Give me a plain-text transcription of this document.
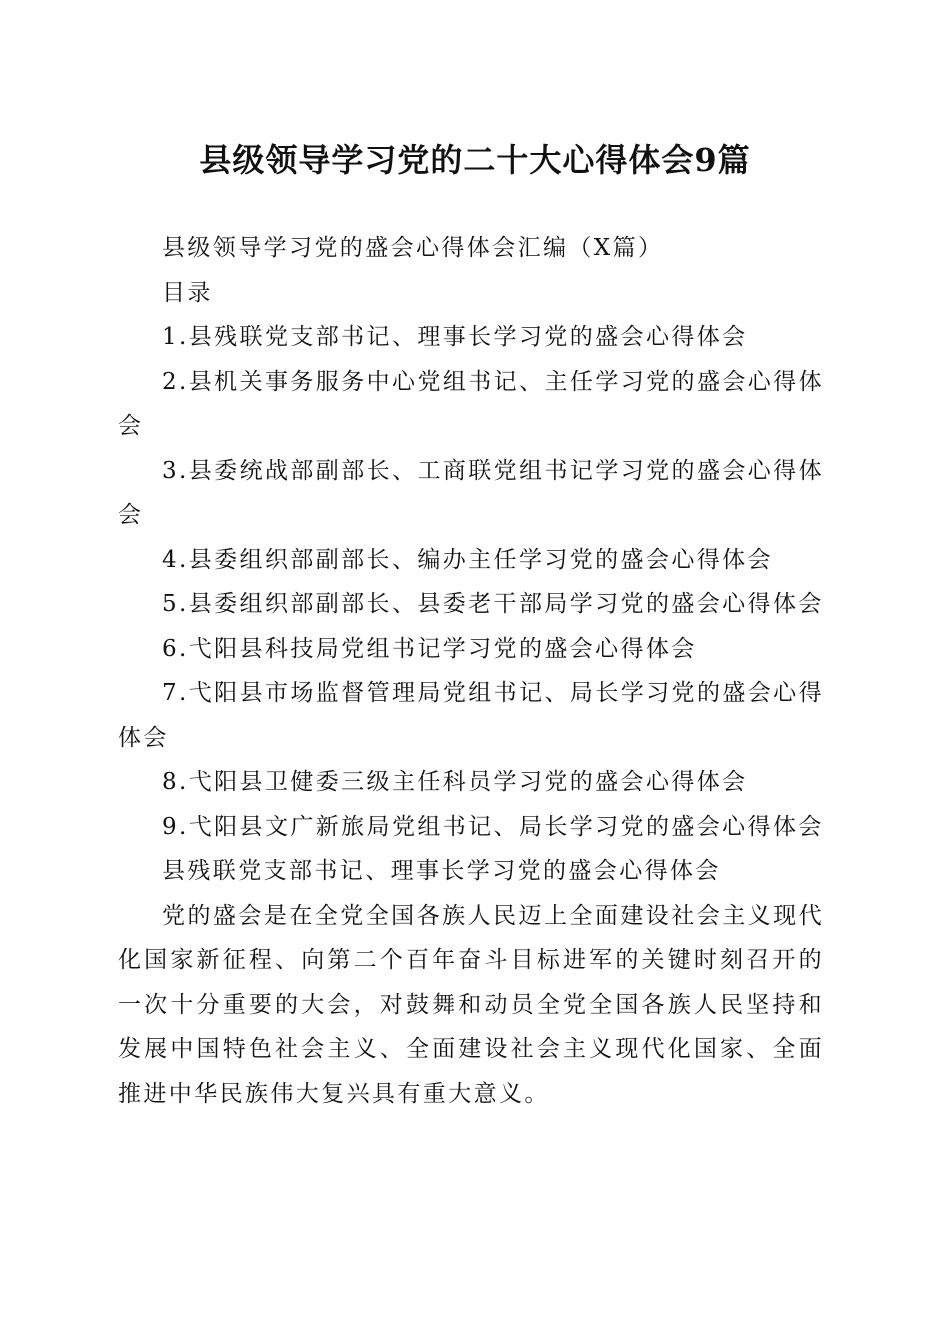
县级领导学习党的二十大心得体会9篇

县级领导学习党的盛会心得体会汇编（X篇）

目录

1.县残联党支部书记、理事长学习党的盛会心得体会

2.县机关事务服务中心党组书记、主任学习党的盛会心得体会

3.县委统战部副部长、工商联党组书记学习党的盛会心得体会

4.县委组织部副部长、编办主任学习党的盛会心得体会

5.县委组织部副部长、县委老干部局学习党的盛会心得体会

6.弋阳县科技局党组书记学习党的盛会心得体会

7.弋阳县市场监督管理局党组书记、局长学习党的盛会心得体会

8.弋阳县卫健委三级主任科员学习党的盛会心得体会

9.弋阳县文广新旅局党组书记、局长学习党的盛会心得体会

县残联党支部书记、理事长学习党的盛会心得体会

党的盛会是在全党全国各族人民迈上全面建设社会主义现代化国家新征程、向第二个百年奋斗目标进军的关键时刻召开的一次十分重要的大会，对鼓舞和动员全党全国各族人民坚持和发展中国特色社会主义、全面建设社会主义现代化国家、全面推进中华民族伟大复兴具有重大意义。
